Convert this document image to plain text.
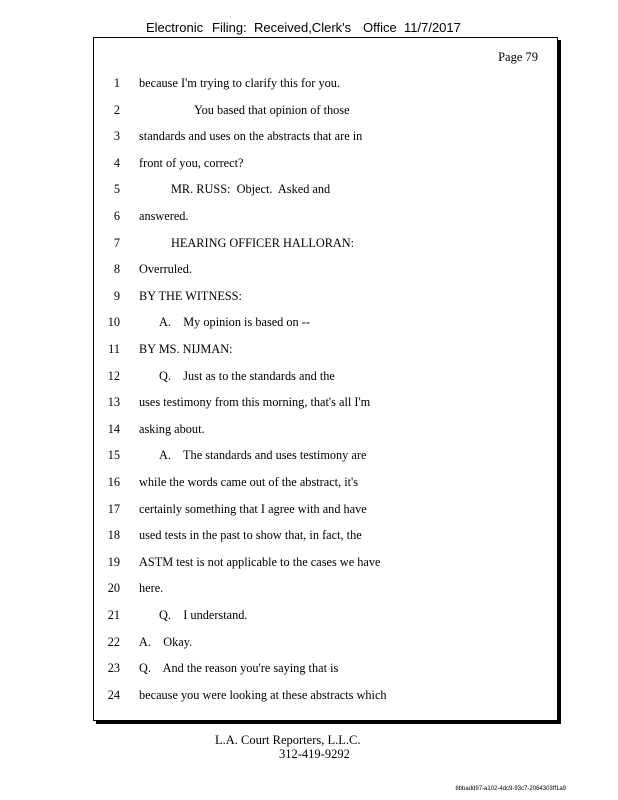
Electronic Filing: Received,Clerk's Office 11/7/2017
Page 79
1 because I'm trying to clarify this for you.
2	You based that opinion of those
3 standards and uses on the abstracts that are in
4 front of you, correct?
5	MR. RUSS:  Object.  Asked and
6 answered.
7	HEARING OFFICER HALLORAN:
8 Overruled.
9 BY THE WITNESS:
10	A.    My opinion is based on --
11 BY MS. NIJMAN:
12	Q.    Just as to the standards and the
13 uses testimony from this morning, that's all I'm
14 asking about.
15	A.    The standards and uses testimony are
16 while the words came out of the abstract, it's
17 certainly something that I agree with and have
18 used tests in the past to show that, in fact, the
19 ASTM test is not applicable to the cases we have
20 here.
21	Q.    I understand.
22 A.    Okay.
23 Q.    And the reason you're saying that is
24 because you were looking at these abstracts which
L.A. Court Reporters, L.L.C.
312-419-9292
8bbadd97-a102-4dc9-93c7-2064303ff1a9
